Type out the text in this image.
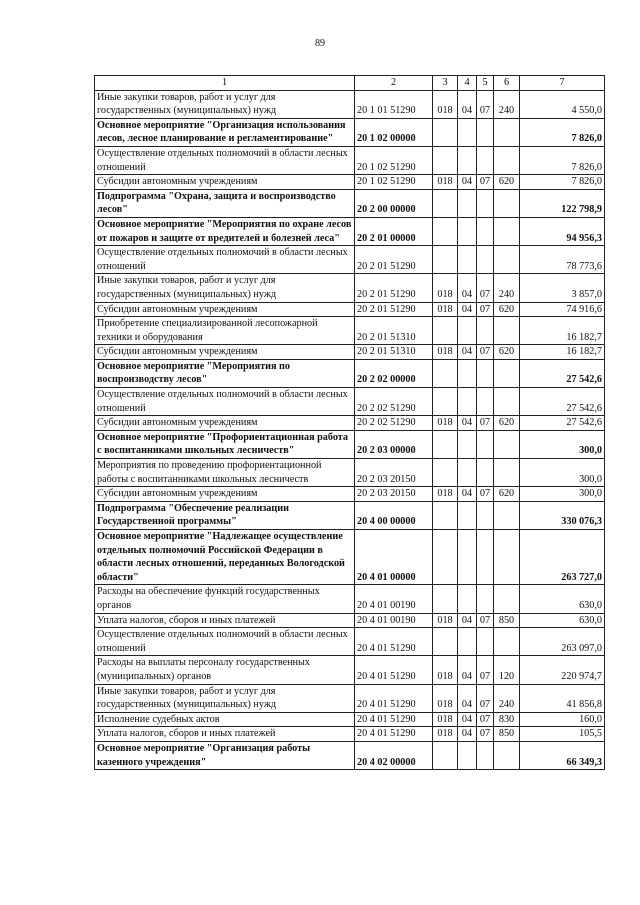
89
1	2	3	4	5	6	7
Иные закупки товаров, работ и услуг для государственных (муниципальных) нужд	20 1 01 51290	018	04	07	240	4 550,0
Основное мероприятие "Организация использования лесов, лесное планирование и регламентирование"	20 1 02 00000					7 826,0
Осуществление отдельных полномочий в области лесных отношений	20 1 02 51290					7 826,0
Субсидии автономным учреждениям	20 1 02 51290	018	04	07	620	7 826,0
Подпрограмма "Охрана, защита и воспроизводство лесов"	20 2 00 00000					122 798,9
Основное мероприятие "Мероприятия по охране лесов от пожаров и защите от вредителей и болезней леса"	20 2 01 00000					94 956,3
Осуществление отдельных полномочий в области лесных отношений	20 2 01 51290					78 773,6
Иные закупки товаров, работ и услуг для государственных (муниципальных) нужд	20 2 01 51290	018	04	07	240	3 857,0
Субсидии автономным учреждениям	20 2 01 51290	018	04	07	620	74 916,6
Приобретение специализированной лесопожарной техники и оборудования	20 2 01 51310					16 182,7
Субсидии автономным учреждениям	20 2 01 51310	018	04	07	620	16 182,7
Основное мероприятие "Мероприятия по воспроизводству лесов"	20 2 02 00000					27 542,6
Осуществление отдельных полномочий в области лесных отношений	20 2 02 51290					27 542,6
Субсидии автономным учреждениям	20 2 02 51290	018	04	07	620	27 542,6
Основное мероприятие "Профориентационная работа с воспитанниками школьных лесничеств"	20 2 03 00000					300,0
Мероприятия по проведению профориентационной работы с воспитанниками школьных лесничеств	20 2 03 20150					300,0
Субсидии автономным учреждениям	20 2 03 20150	018	04	07	620	300,0
Подпрограмма "Обеспечение реализации Государственной программы"	20 4 00 00000					330 076,3
Основное мероприятие "Надлежащее осуществление отдельных полномочий Российской Федерации в области лесных отношений, переданных Вологодской области"	20 4 01 00000					263 727,0
Расходы на обеспечение функций государственных органов	20 4 01 00190					630,0
Уплата налогов, сборов и иных платежей	20 4 01 00190	018	04	07	850	630,0
Осуществление отдельных полномочий в области лесных отношений	20 4 01 51290					263 097,0
Расходы на выплаты персоналу государственных (муниципальных) органов	20 4 01 51290	018	04	07	120	220 974,7
Иные закупки товаров, работ и услуг для государственных (муниципальных) нужд	20 4 01 51290	018	04	07	240	41 856,8
Исполнение судебных актов	20 4 01 51290	018	04	07	830	160,0
Уплата налогов, сборов и иных платежей	20 4 01 51290	018	04	07	850	105,5
Основное мероприятие "Организация работы казенного учреждения"	20 4 02 00000					66 349,3
